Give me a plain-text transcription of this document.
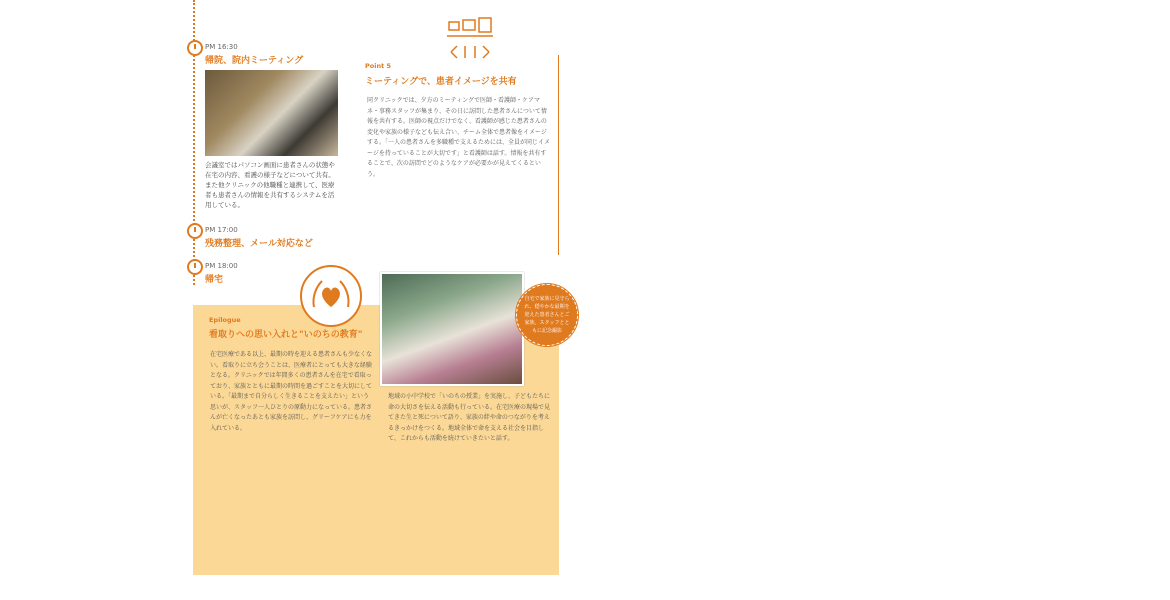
PM 16:30
帰院、院内ミーティング
会議室ではパソコン画面に患者さんの状態や在宅の内容、看護の様子などについて共有。また他クリニックの他職種と連携して、医療者も患者さんの情報を共有するシステムを活用している。
PM 17:00
残務整理、メール対応など
PM 18:00
帰宅
Point 5
ミーティングで、患者イメージを共有
同クリニックでは、夕方のミーティングで医師・看護師・ケアマネ・事務スタッフが集まり、その日に訪問した患者さんについて情報を共有する。医師の視点だけでなく、看護師が感じた患者さんの変化や家族の様子なども伝え合い、チーム全体で患者像をイメージする。「一人の患者さんを多職種で支えるためには、全員が同じイメージを持っていることが大切です」と看護師は話す。情報を共有することで、次の訪問でどのようなケアが必要かが見えてくるという。
Epilogue
看取りへの思い入れと"いのちの教育"
在宅医療である以上、最期の時を迎える患者さんも少なくない。看取りに立ち会うことは、医療者にとっても大きな経験となる。クリニックでは年間多くの患者さんを在宅で看取っており、家族とともに最期の時間を過ごすことを大切にしている。「最期まで自分らしく生きることを支えたい」という思いが、スタッフ一人ひとりの原動力になっている。患者さんが亡くなったあとも家族を訪問し、グリーフケアにも力を入れている。
地域の小中学校で「いのちの授業」を実施し、子どもたちに命の大切さを伝える活動も行っている。在宅医療の現場で見てきた生と死について語り、家族の絆や命のつながりを考えるきっかけをつくる。地域全体で命を支える社会を目指して、これからも活動を続けていきたいと話す。
自宅で家族に見守られ、穏やかな最期を迎えた患者さんとご家族。スタッフとともに記念撮影
